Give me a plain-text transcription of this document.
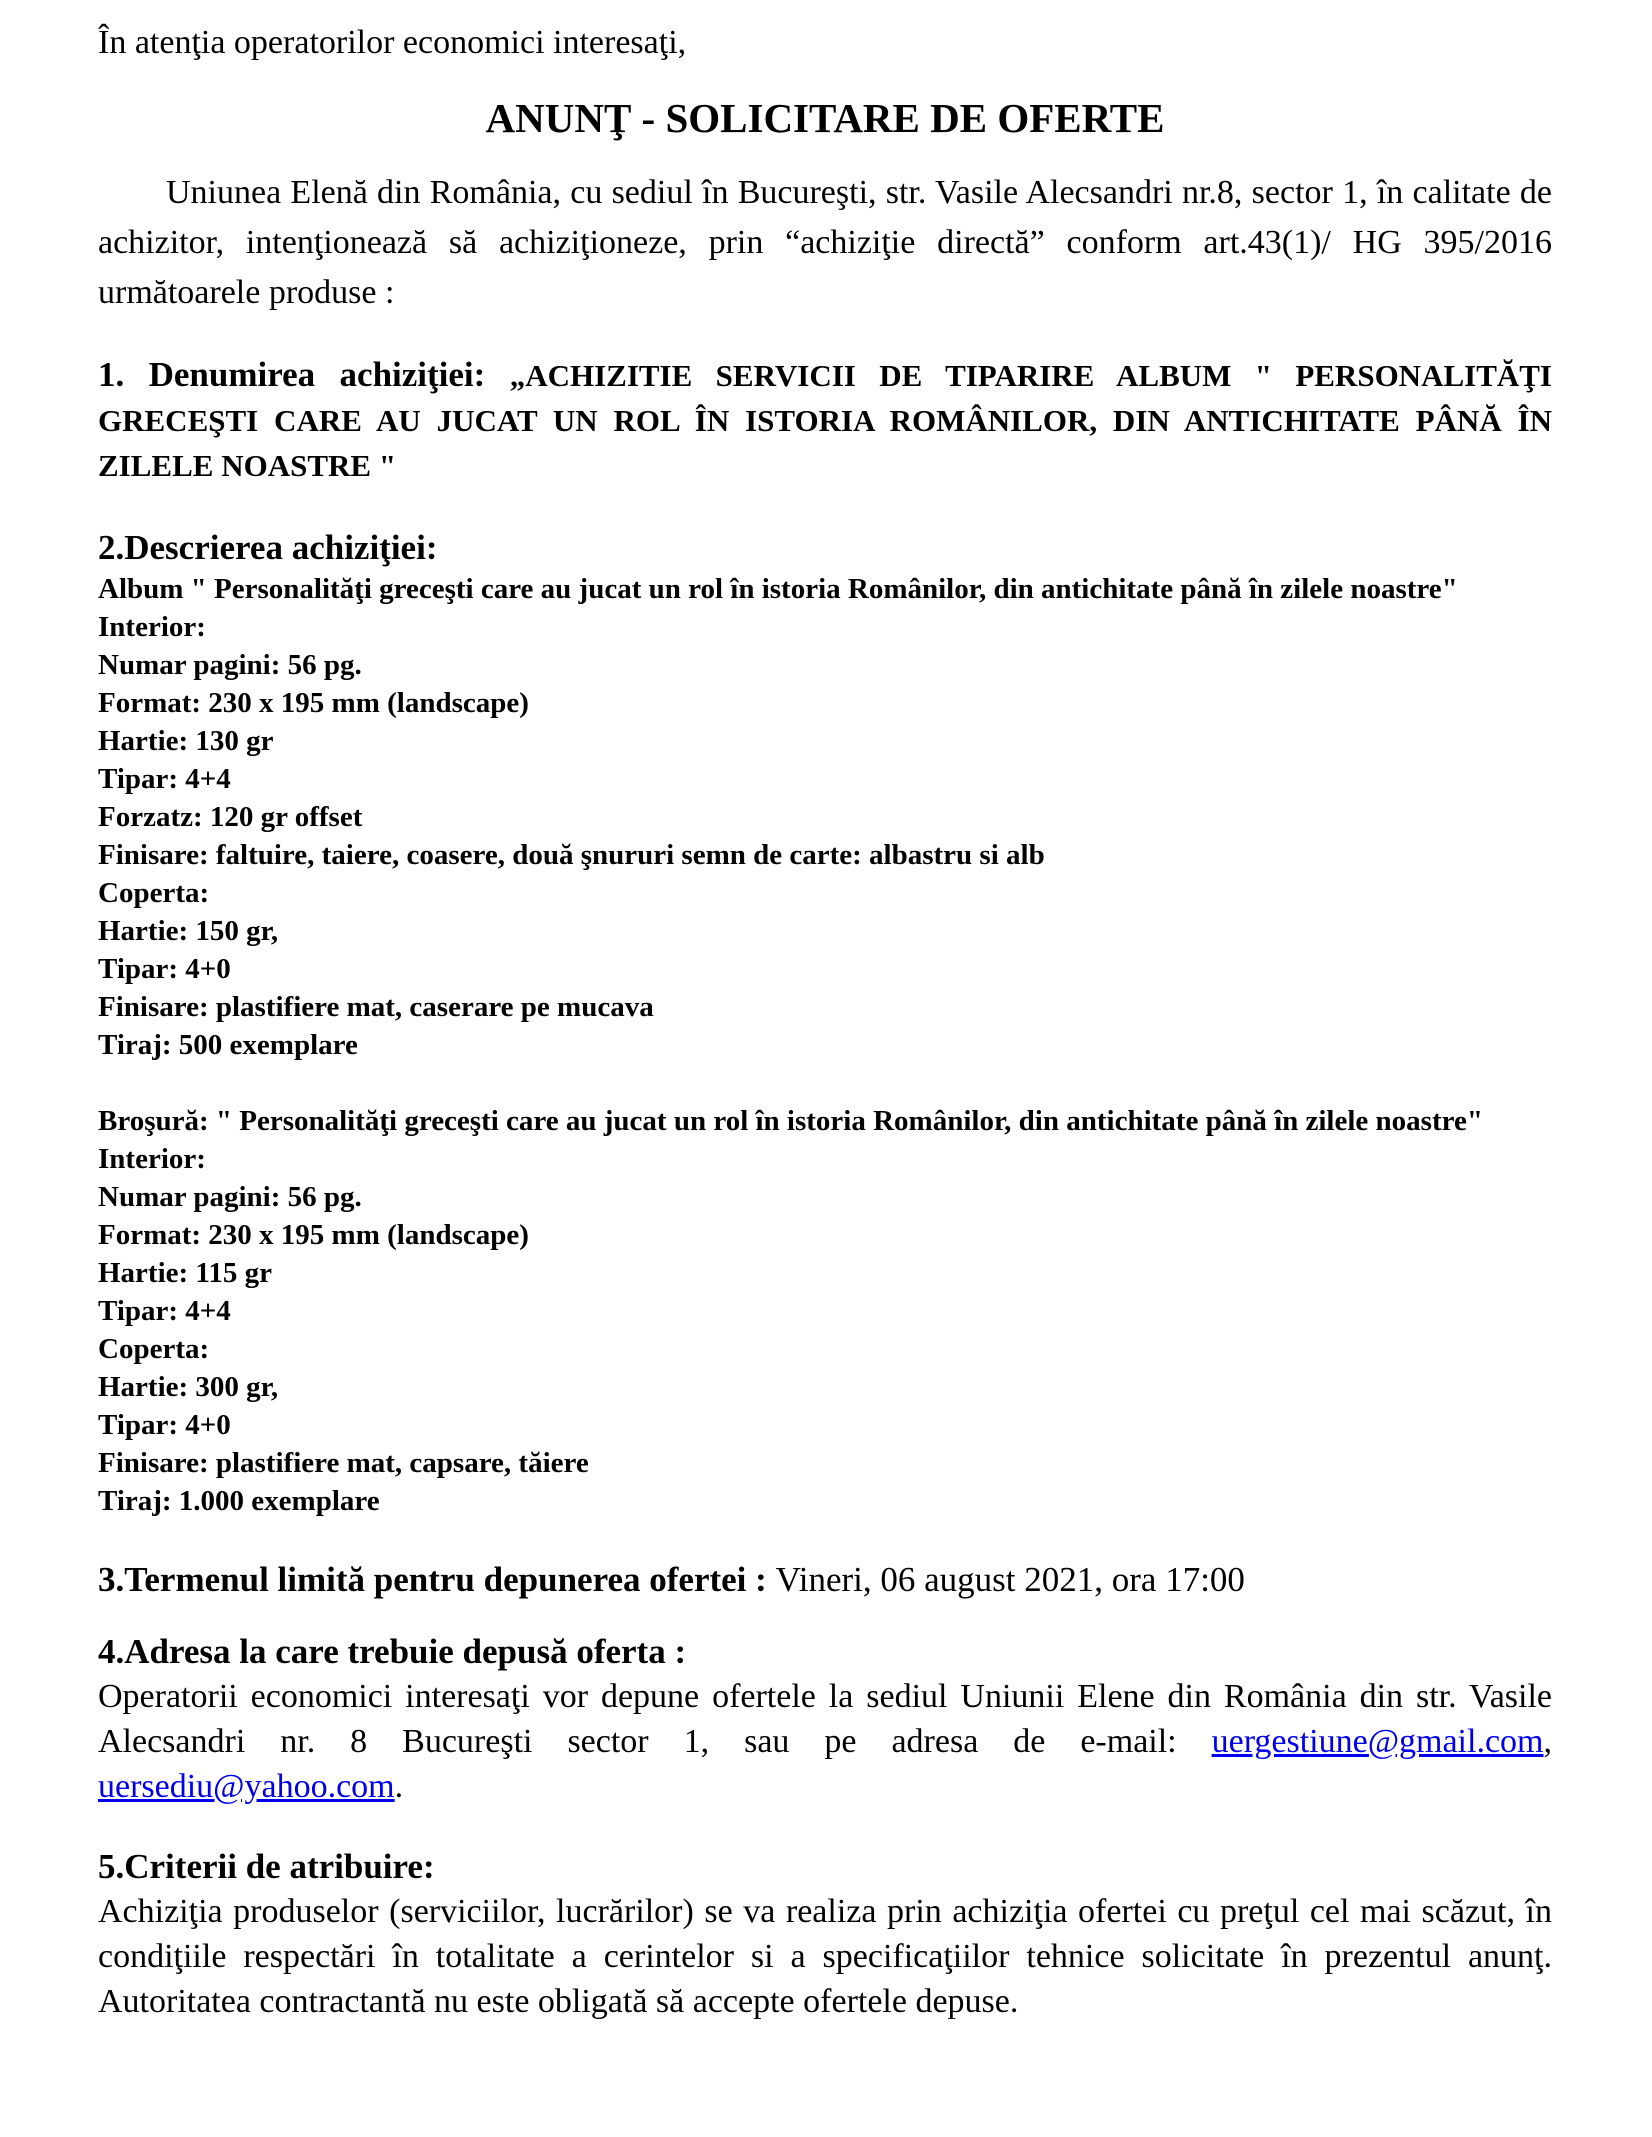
În atenţia operatorilor economici interesaţi,
ANUNŢ - SOLICITARE DE OFERTE
Uniunea Elenă din România, cu sediul în Bucureşti, str. Vasile Alecsandri nr.8, sector 1, în calitate de achizitor, intenţionează să achiziţioneze, prin “achiziţie directă” conform art.43(1)/ HG 395/2016 următoarele produse :
1. Denumirea achiziţiei: „ACHIZITIE SERVICII DE TIPARIRE ALBUM " PERSONALITĂŢI GRECEŞTI CARE AU JUCAT UN ROL ÎN ISTORIA ROMÂNILOR, DIN ANTICHITATE PÂNĂ ÎN ZILELE NOASTRE "
2.Descrierea achiziţiei:
Album " Personalităţi greceşti care au jucat un rol în istoria Românilor, din antichitate până în zilele noastre"
Interior:
Numar pagini: 56 pg.
Format: 230 x 195 mm (landscape)
Hartie: 130 gr
Tipar: 4+4
Forzatz: 120 gr offset
Finisare: faltuire, taiere, coasere, două şnururi semn de carte: albastru si alb
Coperta:
Hartie: 150 gr,
Tipar: 4+0
Finisare: plastifiere mat, caserare pe mucava
Tiraj: 500 exemplare
Broşură: " Personalităţi greceşti care au jucat un rol în istoria Românilor, din antichitate până în zilele noastre"
Interior:
Numar pagini: 56 pg.
Format: 230 x 195 mm (landscape)
Hartie: 115 gr
Tipar: 4+4
Coperta:
Hartie: 300 gr,
Tipar: 4+0
Finisare: plastifiere mat, capsare, tăiere
Tiraj: 1.000 exemplare
3.Termenul limită pentru depunerea ofertei : Vineri, 06 august 2021, ora 17:00
4.Adresa la care trebuie depusă oferta :
Operatorii economici interesaţi vor depune ofertele la sediul Uniunii Elene din România din str. Vasile Alecsandri nr. 8 Bucureşti sector 1, sau pe adresa de e-mail: uergestiune@gmail.com, uersediu@yahoo.com.
5.Criterii de atribuire:
Achiziţia produselor (serviciilor, lucrărilor) se va realiza prin achiziţia ofertei cu preţul cel mai scăzut, în condiţiile respectări în totalitate a cerintelor si a specificaţiilor tehnice solicitate în prezentul anunţ. Autoritatea contractantă nu este obligată să accepte ofertele depuse.
